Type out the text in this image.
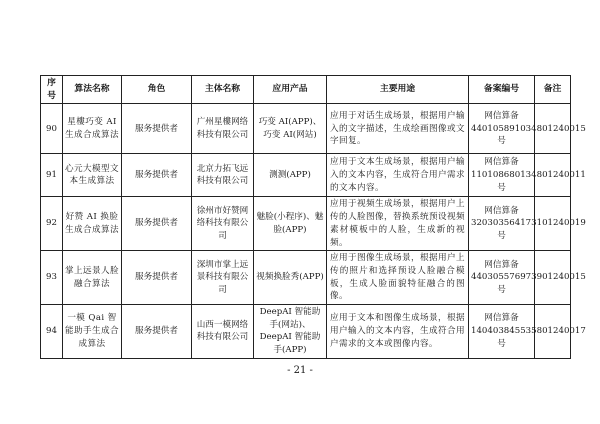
序号	算法名称	角色	主体名称	应用产品	主要用途	备案编号	备注
90	星樓巧变 AI 生成合成算法	服务提供者	广州星樓网络科技有限公司	巧变 AI(APP)、巧变 AI(网站)	应用于对话生成场景，根据用户输入的文字描述，生成绘画图像或文字回复。	网信算备440105891034801240015 号	
91	心元大模型文本生成算法	服务提供者	北京力拓飞远科技有限公司	测测(APP)	应用于文本生成场景，根据用户输入的文本内容，生成符合用户需求的文本内容。	网信算备110108680134801240011 号	
92	好赞 AI 换脸生成合成算法	服务提供者	徐州市好赞网络科技有限公司	魅脸(小程序)、魅脸(APP)	应用于视频生成场景，根据用户上传的人脸图像，替换系统预设视频素材模板中的人脸，生成新的视频。	网信算备320303564173101240019 号	
93	掌上远景人脸融合算法	服务提供者	深圳市掌上远景科技有限公司	视频换脸秀(APP)	应用于图像生成场景，根据用户上传的照片和选择预设人脸融合模板，生成人脸面貌特征融合的图像。	网信算备440305576973901240015 号	
94	一模 Qai 智能助手生成合成算法	服务提供者	山西一模网络科技有限公司	DeepAI 智能助手(网站)、DeepAI 智能助手(APP)	应用于文本和图像生成场景，根据用户输入的文本内容，生成符合用户需求的文本或图像内容。	网信算备140403845535801240017 号	
- 21 -
